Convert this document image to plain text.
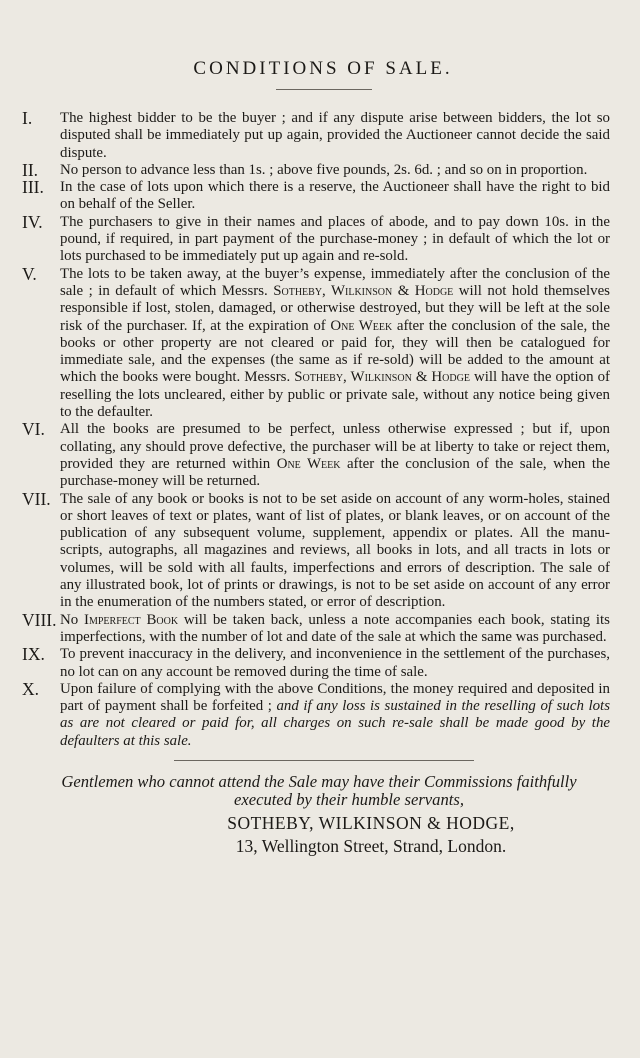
CONDITIONS OF SALE.
I.	The highest bidder to be the buyer ; and if any dispute arise between bidders, the lot so disputed shall be immediately put up again, provided the Auctioneer cannot decide the said dispute.
II.	No person to advance less than 1s. ; above five pounds, 2s. 6d. ; and so on in proportion.
III.	In the case of lots upon which there is a reserve, the Auctioneer shall have the right to bid on behalf of the Seller.
IV.	The purchasers to give in their names and places of abode, and to pay down 10s. in the pound, if required, in part payment of the purchase-money ; in default of which the lot or lots purchased to be immediately put up again and re-sold.
V.	The lots to be taken away, at the buyer’s expense, immediately after the conclusion of the sale ; in default of which Messrs. Sotheby, Wilkinson & Hodge will not hold themselves responsible if lost, stolen, damaged, or otherwise destroyed, but they will be left at the sole risk of the purchaser. If, at the expiration of One Week after the conclusion of the sale, the books or other property are not cleared or paid for, they will then be catalogued for immediate sale, and the expenses (the same as if re-sold) will be added to the amount at which the books were bought. Messrs. Sotheby, Wilkinson & Hodge will have the option of reselling the lots uncleared, either by public or private sale, without any notice being given to the defaulter.
VI.	All the books are presumed to be perfect, unless otherwise expressed ; but if, upon collating, any should prove defective, the purchaser will be at liberty to take or reject them, provided they are returned within One Week after the conclusion of the sale, when the purchase-money will be returned.
VII. The sale of any book or books is not to be set aside on account of any worm-holes, stained or short leaves of text or plates, want of list of plates, or blank leaves, or on account of the publication of any subsequent volume, supplement, appendix or plates. All the manu-scripts, autographs, all magazines and reviews, all books in lots, and all tracts in lots or volumes, will be sold with all faults, imperfections and errors of description. The sale of any illustrated book, lot of prints or drawings, is not to be set aside on account of any error in the enumeration of the numbers stated, or error of description.
VIII. No Imperfect Book will be taken back, unless a note accompanies each book, stating its imperfections, with the number of lot and date of the sale at which the same was purchased.
IX.	To prevent inaccuracy in the delivery, and inconvenience in the settlement of the purchases, no lot can on any account be removed during the time of sale.
X.	Upon failure of complying with the above Conditions, the money required and deposited in part of payment shall be forfeited ; and if any loss is sustained in the reselling of such lots as are not cleared or paid for, all charges on such re-sale shall be made good by the defaulters at this sale.

Gentlemen who cannot attend the Sale may have their Commissions faithfully
executed by their humble servants,

SOTHEBY, WILKINSON & HODGE,
13, Wellington Street, Strand, London.
